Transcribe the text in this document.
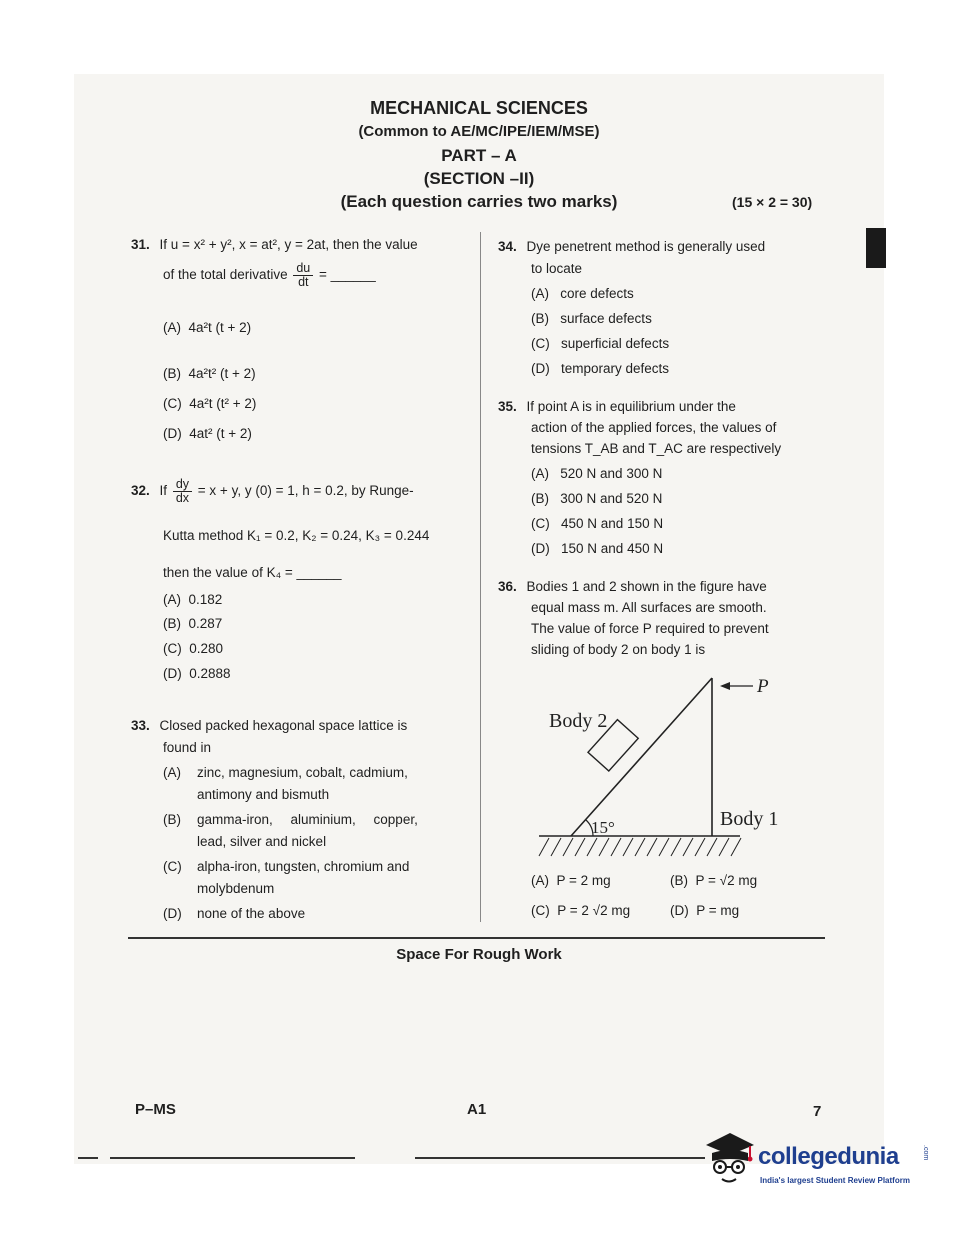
MECHANICAL SCIENCES
(Common to AE/MC/IPE/IEM/MSE)
PART – A
(SECTION –II)
(Each question carries two marks)	(15 × 2 = 30)
31. If u = x² + y², x = at², y = 2at, then the value
of the total derivative $\frac{du}{dt}$ = ______
(A) 4a²t (t + 2)
(B) 4a²t² (t + 2)
(C) 4a²t (t² + 2)
(D) 4at² (t + 2)
32. If $\frac{dy}{dx} = x + y$, y (0) = 1, h = 0.2, by Runge-
Kutta method K₁ = 0.2, K₂ = 0.24, K₃ = 0.244
then the value of K₄ = ______
(A) 0.182
(B) 0.287
(C) 0.280
(D) 0.2888
33. Closed packed hexagonal space lattice is
found in
(A) zinc, magnesium, cobalt, cadmium,
antimony and bismuth
(B) gamma-iron, aluminium, copper,
lead, silver and nickel
(C) alpha-iron, tungsten, chromium and
molybdenum
(D) none of the above
34. Dye penetrent method is generally used
to locate
(A) core defects
(B) surface defects
(C) superficial defects
(D) temporary defects
35. If point A is in equilibrium under the
action of the applied forces, the values of
tensions T_AB and T_AC are respectively
(A) 520 N and 300 N
(B) 300 N and 520 N
(C) 450 N and 150 N
(D) 150 N and 450 N
36. Bodies 1 and 2 shown in the figure have
equal mass m. All surfaces are smooth.
The value of force P required to prevent
sliding of body 2 on body 1 is
P
Body 2
Body 1
15°
(A) P = 2 mg	(B) P = √2 mg
(C) P = 2 √2 mg	(D) P = mg
Space For Rough Work
P–MS	A1	7
collegedunia	.com
India's largest Student Review Platform
